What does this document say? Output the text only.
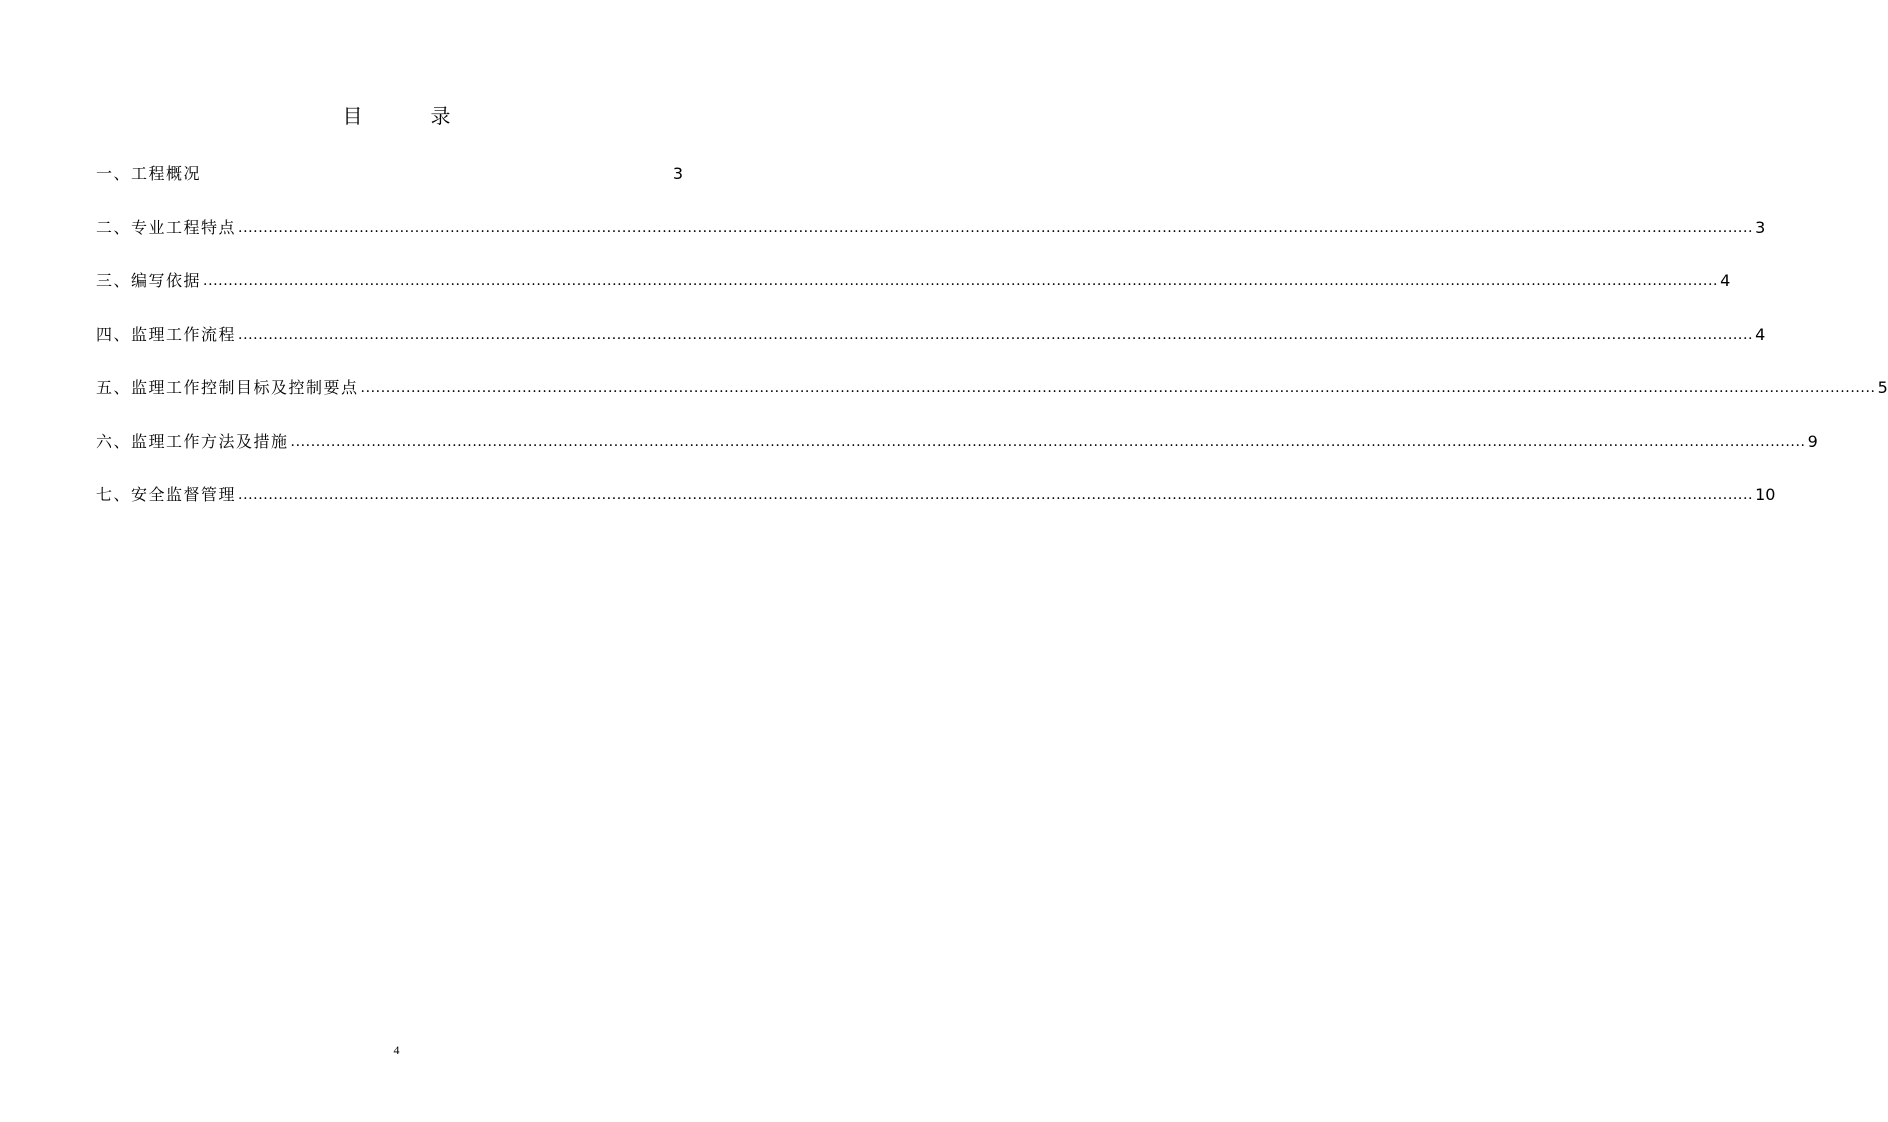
目　录
一、工程概况	3
二、专业工程特点 ............................................................................................................................................................................................................................................................................................................ 3
三、编写依据 ............................................................................................................................................................................................................................................................................................................ 4
四、监理工作流程 ............................................................................................................................................................................................................................................................................................................ 4
五、监理工作控制目标及控制要点 ............................................................................................................................................................................................................................................................................................................ 5
六、监理工作方法及措施 ............................................................................................................................................................................................................................................................................................................ 9
七、安全监督管理 ............................................................................................................................................................................................................................................................................................................ 10
4
